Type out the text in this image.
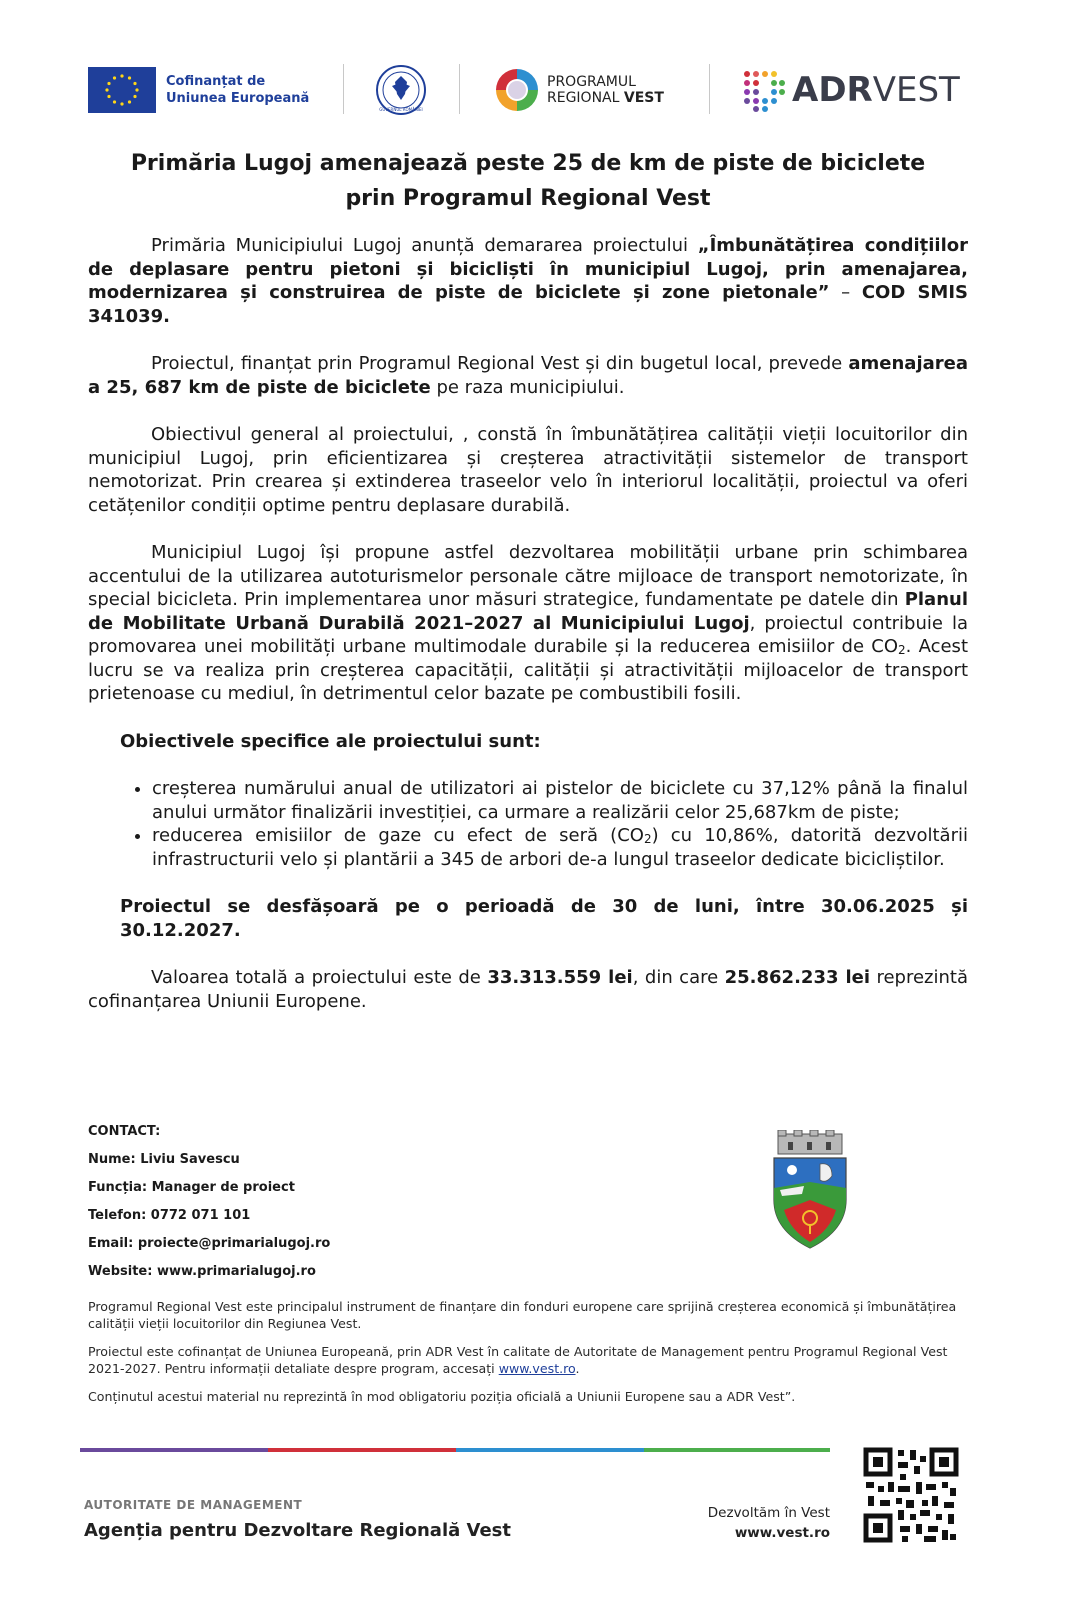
Cofinanțat de
Uniunea Europeană
GUVERNUL ROMÂNIEI
PROGRAMUL
REGIONAL VEST	ADRVEST
Primăria Lugoj amenajează peste 25 de km de piste de biciclete
prin Programul Regional Vest

Primăria Municipiului Lugoj anunță demararea proiectului „Îmbunătățirea condițiilor de deplasare pentru pietoni și bicicliști în municipiul Lugoj, prin amenajarea, modernizarea și construirea de piste de biciclete și zone pietonale” – COD SMIS 341039.

Proiectul, finanțat prin Programul Regional Vest și din bugetul local, prevede amenajarea a 25, 687 km de piste de biciclete pe raza municipiului.

Obiectivul general al proiectului, , constă în îmbunătățirea calității vieții locuitorilor din municipiul Lugoj, prin eficientizarea și creșterea atractivității sistemelor de transport nemotorizat. Prin crearea și extinderea traseelor velo în interiorul localității, proiectul va oferi cetățenilor condiții optime pentru deplasare durabilă.

Municipiul Lugoj își propune astfel dezvoltarea mobilității urbane prin schimbarea accentului de la utilizarea autoturismelor personale către mijloace de transport nemotorizate, în special bicicleta. Prin implementarea unor măsuri strategice, fundamentate pe datele din Planul de Mobilitate Urbană Durabilă 2021–2027 al Municipiului Lugoj, proiectul contribuie la promovarea unei mobilități urbane multimodale durabile și la reducerea emisiilor de $CO_2$. Acest lucru se va realiza prin creșterea capacității, calității și atractivității mijloacelor de transport prietenoase cu mediul, în detrimentul celor bazate pe combustibili fosili.

Obiectivele specifice ale proiectului sunt:

• creșterea numărului anual de utilizatori ai pistelor de biciclete cu 37,12% până la finalul anului următor finalizării investiției, ca urmare a realizării celor 25,687km de piste;
• reducerea emisiilor de gaze cu efect de seră $(CO_2)$ cu 10,86%, datorită dezvoltării infrastructurii velo și plantării a 345 de arbori de-a lungul traseelor dedicate bicicliștilor.

Proiectul se desfășoară pe o perioadă de 30 de luni, între 30.06.2025 și 30.12.2027.

Valoarea totală a proiectului este de 33.313.559 lei, din care 25.862.233 lei reprezintă cofinanțarea Uniunii Europene.

CONTACT:
Nume: Liviu Savescu
Funcția: Manager de proiect
Telefon: 0772 071 101
Email: proiecte@primarialugoj.ro
Website: www.primarialugoj.ro

Programul Regional Vest este principalul instrument de finanțare din fonduri europene care sprijină creșterea economică și îmbunătățirea calității vieții locuitorilor din Regiunea Vest.

Proiectul este cofinanțat de Uniunea Europeană, prin ADR Vest în calitate de Autoritate de Management pentru Programul Regional Vest 2021-2027. Pentru informații detaliate despre program, accesați www.vest.ro.

Conținutul acestui material nu reprezintă în mod obligatoriu poziția oficială a Uniunii Europene sau a ADR Vest”.

AUTORITATE DE MANAGEMENT
Agenția pentru Dezvoltare Regională Vest
Dezvoltăm în Vest
www.vest.ro
